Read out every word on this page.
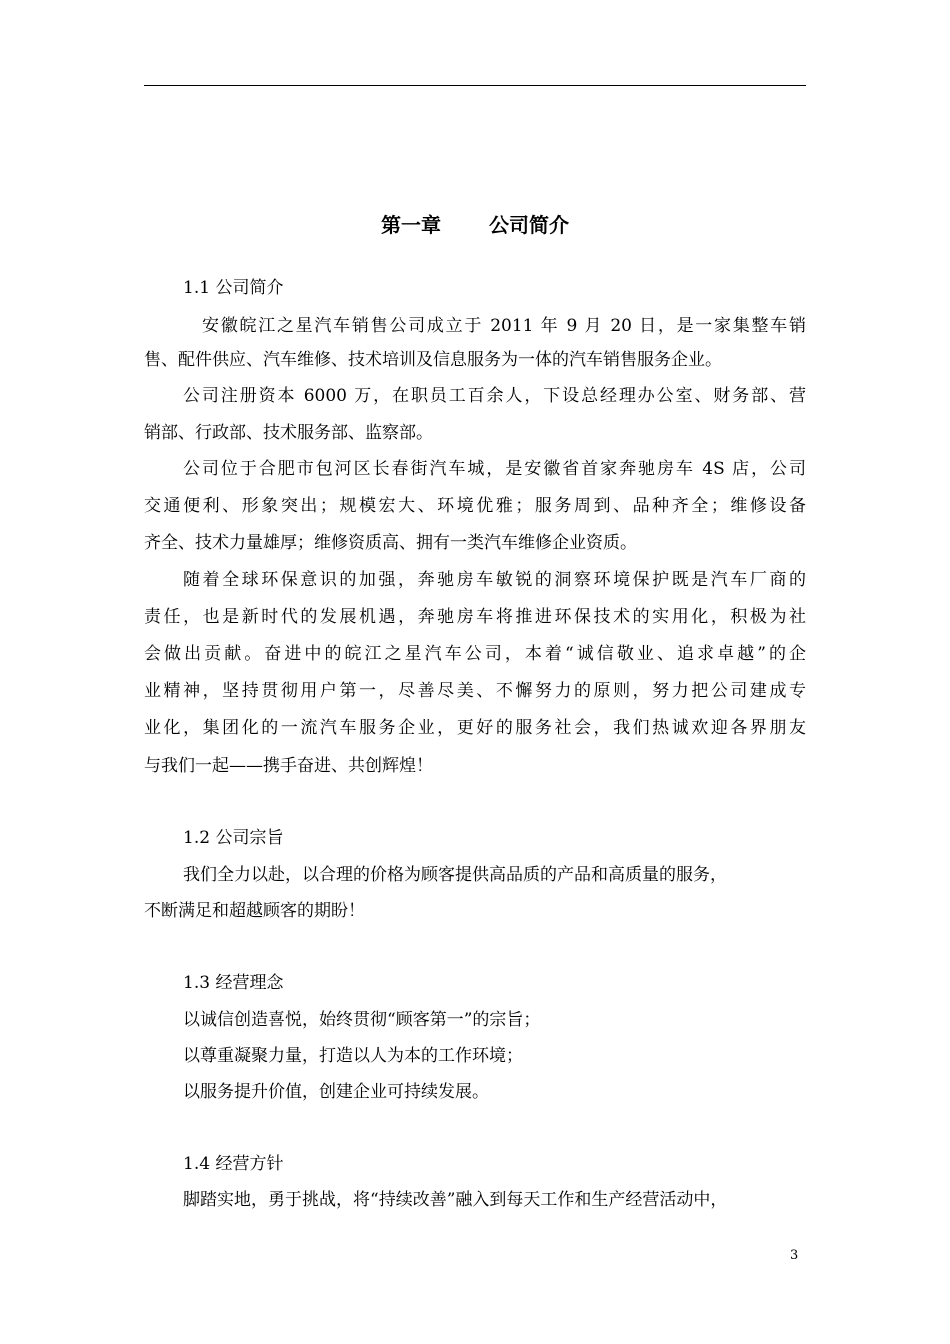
第一章 公司简介
1.1 公司简介
安徽皖江之星汽车销售公司成立于 2011 年 9 月 20 日，是一家集整车销
售、配件供应、汽车维修、技术培训及信息服务为一体的汽车销售服务企业。
公司注册资本 6000 万，在职员工百余人，下设总经理办公室、财务部、营
销部、行政部、技术服务部、监察部。
公司位于合肥市包河区长春街汽车城，是安徽省首家奔驰房车 4S 店，公司
交通便利、形象突出；规模宏大、环境优雅；服务周到、品种齐全；维修设备
齐全、技术力量雄厚；维修资质高、拥有一类汽车维修企业资质。
随着全球环保意识的加强，奔驰房车敏锐的洞察环境保护既是汽车厂商的
责任，也是新时代的发展机遇，奔驰房车将推进环保技术的实用化，积极为社
会做出贡献。奋进中的皖江之星汽车公司，本着“诚信敬业、追求卓越”的企
业精神，坚持贯彻用户第一，尽善尽美、不懈努力的原则，努力把公司建成专
业化，集团化的一流汽车服务企业，更好的服务社会，我们热诚欢迎各界朋友
与我们一起——携手奋进、共创辉煌！
1.2 公司宗旨
我们全力以赴，以合理的价格为顾客提供高品质的产品和高质量的服务，
不断满足和超越顾客的期盼！
1.3 经营理念
以诚信创造喜悦，始终贯彻“顾客第一”的宗旨；
以尊重凝聚力量，打造以人为本的工作环境；
以服务提升价值，创建企业可持续发展。
1.4 经营方针
脚踏实地，勇于挑战，将“持续改善”融入到每天工作和生产经营活动中，
3
